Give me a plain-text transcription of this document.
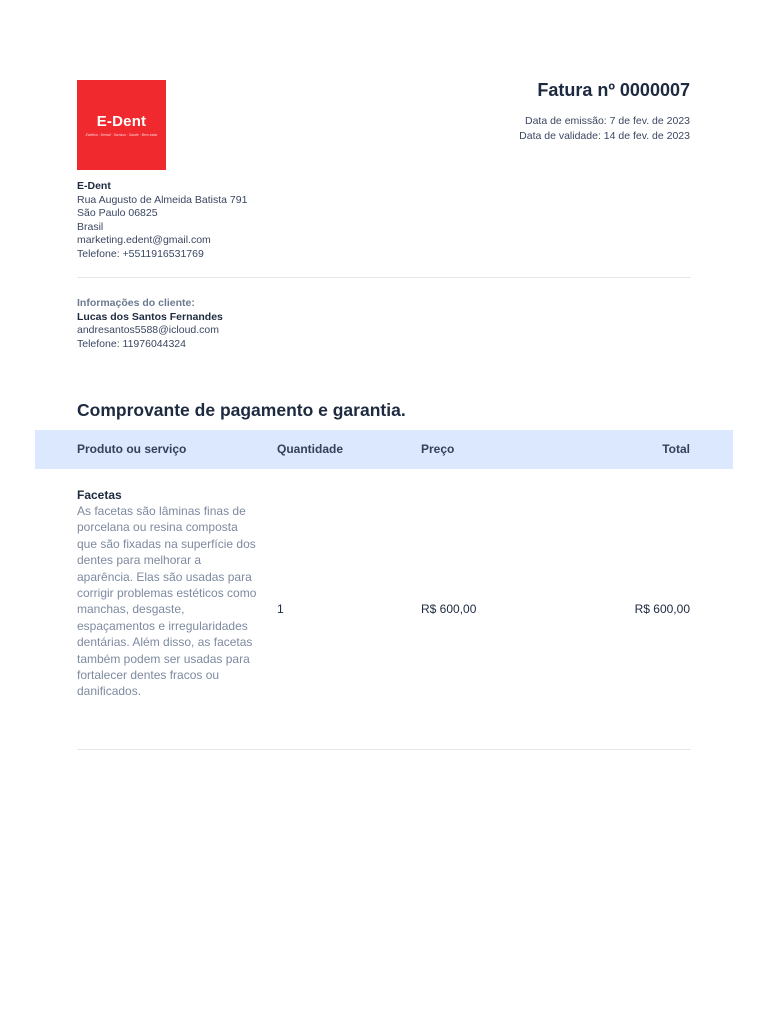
E-Dent
Estética · Dental · Sorrisos · Saúde · Bem-estar
Fatura nº 0000007
Data de emissão: 7 de fev. de 2023
Data de validade: 14 de fev. de 2023
E-Dent
Rua Augusto de Almeida Batista 791
São Paulo 06825
Brasil
marketing.edent@gmail.com
Telefone: +5511916531769
Informações do cliente:
Lucas dos Santos Fernandes
andresantos5588@icloud.com
Telefone: 11976044324
Comprovante de pagamento e garantia.
Produto ou serviço	Quantidade	Preço	Total
Facetas
As facetas são lâminas finas de porcelana ou resina composta que são fixadas na superfície dos dentes para melhorar a aparência. Elas são usadas para corrigir problemas estéticos como manchas, desgaste, espaçamentos e irregularidades dentárias. Além disso, as facetas também podem ser usadas para fortalecer dentes fracos ou danificados.
1	R$ 600,00	R$ 600,00
